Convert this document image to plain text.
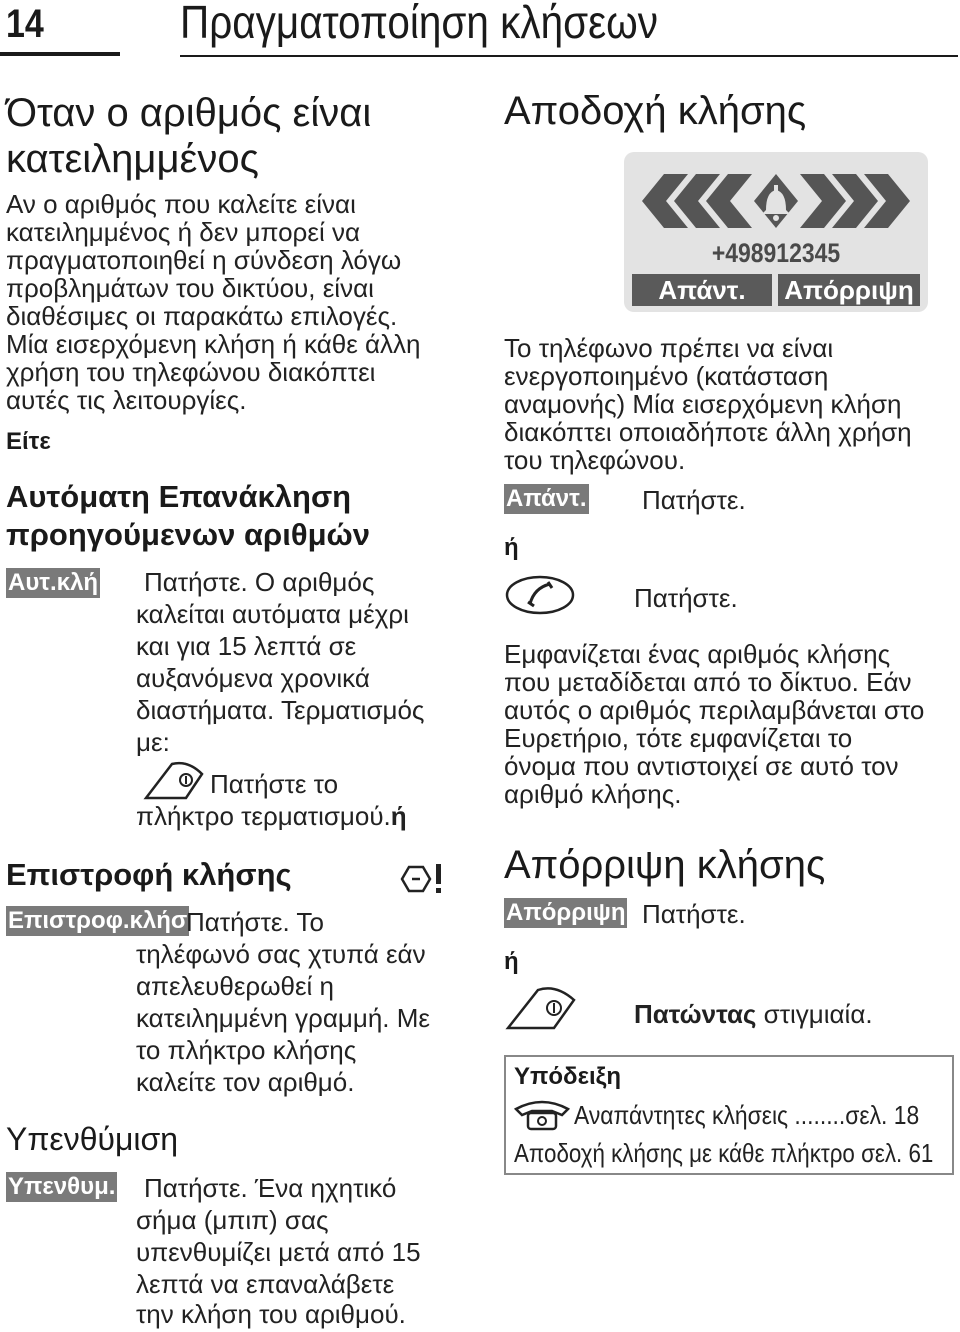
14	Πραγματοποίηση κλήσεων
Όταν ο αριθμός είναι
κατειλημμένος
Αν ο αριθμός που καλείτε είναι
κατειλημμένος ή δεν μπορεί να
πραγματοποιηθεί η σύνδεση λόγω
προβλημάτων του δικτύου, είναι
διαθέσιμες οι παρακάτω επιλογές.
Μία εισερχόμενη κλήση ή κάθε άλλη
χρήση του τηλεφώνου διακόπτει
αυτές τις λειτουργίες.
Είτε
Αυτόματη Επανάκληση
προηγούμενων αριθμών
Αυτ.κλή Πατήστε. Ο αριθμός
καλείται αυτόματα μέχρι
και για 15 λεπτά σε
αυξανόμενα χρονικά
διαστήματα. Τερματισμός
με:
Πατήστε το
πλήκτρο τερματισμού.ή
Επιστροφή κλήσης
Επιστροφ.κλήσ
Πατήστε. Το
τηλέφωνό σας χτυπά εάν
απελευθερωθεί η
κατειλημμένη γραμμή. Με
το πλήκτρο κλήσης
καλείτε τον αριθμό.
Υπενθύμιση
Υπενθυμ. Πατήστε. Ένα ηχητικό
σήμα (μπιπ) σας
υπενθυμίζει μετά από 15
λεπτά να επαναλάβετε
την κλήση του αριθμού.
+498912345
Απάντ.	Απόρριψη
Αποδοχή κλήσης
Το τηλέφωνο πρέπει να είναι
ενεργοποιημένο (κατάσταση
αναμονής) Μία εισερχόμενη κλήση
διακόπτει οποιαδήποτε άλλη χρήση
του τηλεφώνου.
Απάντ. Πατήστε.
ή
Πατήστε.
Εμφανίζεται ένας αριθμός κλήσης
που μεταδίδεται από το δίκτυο. Εάν
αυτός ο αριθμός περιλαμβάνεται στο
Ευρετήριο, τότε εμφανίζεται το
όνομα που αντιστοιχεί σε αυτό τον
αριθμό κλήσης.
Απόρριψη κλήσης
Απόρριψη Πατήστε.
ή
Πατώντας στιγμιαία.
Υπόδειξη
Αναπάντητες κλήσεις ........σελ. 18
Αποδοχή κλήσης με κάθε πλήκτρο σελ. 61
